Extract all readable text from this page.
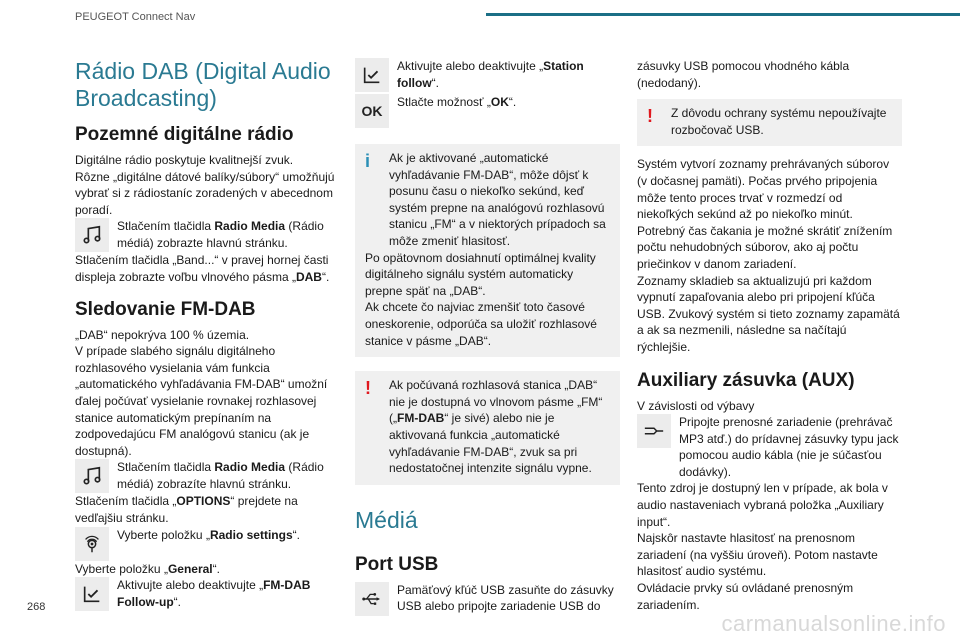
PEUGEOT Connect Nav
Rádio DAB (Digital Audio Broadcasting)
Pozemné digitálne rádio

Digitálne rádio poskytuje kvalitnejší zvuk.

Rôzne „digitálne dátové balíky/súbory“ umožňujú vybrať si z rádiostaníc zoradených v abecednom poradí.

Stlačením tlačidla Radio Media (Rádio médiá) zobrazte hlavnú stránku.

Stlačením tlačidla „Band...“ v pravej hornej časti displeja zobrazte voľbu vlnového pásma „DAB“.

Sledovanie FM-DAB

„DAB“ nepokrýva 100 % územia.

V prípade slabého signálu digitálneho rozhlasového vysielania vám funkcia „automatického vyhľadávania FM-DAB“ umožní ďalej počúvať vysielanie rovnakej rozhlasovej stanice automatickým prepínaním na zodpovedajúcu FM analógovú stanicu (ak je dostupná).

Stlačením tlačidla Radio Media (Rádio médiá) zobrazíte hlavnú stránku.

Stlačením tlačidla „OPTIONS“ prejdete na vedľajšiu stránku.

Vyberte položku „Radio settings“.

Vyberte položku „General“.

Aktivujte alebo deaktivujte „FM-DAB Follow-up“.

Aktivujte alebo deaktivujte „Station follow“.

OK

Stlačte možnosť „OK“.

i	Ak je aktivované „automatické vyhľadávanie FM-DAB“, môže dôjsť k posunu času o niekoľko sekúnd, keď systém prepne na analógovú rozhlasovú stanicu „FM“ a v niektorých prípadoch sa môže zmeniť hlasitosť.

Po opätovnom dosiahnutí optimálnej kvality digitálneho signálu systém automaticky prepne späť na „DAB“.

Ak chcete čo najviac zmenšiť toto časové oneskorenie, odporúča sa uložiť rozhlasové stanice v pásme „DAB“.

!	Ak počúvaná rozhlasová stanica „DAB“ nie je dostupná vo vlnovom pásme „FM“ („FM-DAB“ je sivé) alebo nie je aktivovaná funkcia „automatické vyhľadávanie FM-DAB“, zvuk sa pri nedostatočnej intenzite signálu vypne.

Médiá
Port USB

Pamäťový kľúč USB zasuňte do zásuvky USB alebo pripojte zariadenie USB do

zásuvky USB pomocou vhodného kábla (nedodaný).

!	Z dôvodu ochrany systému nepoužívajte rozbočovač USB.

Systém vytvorí zoznamy prehrávaných súborov (v dočasnej pamäti). Počas prvého pripojenia môže tento proces trvať v rozmedzí od niekoľkých sekúnd až po niekoľko minút.

Potrebný čas čakania je možné skrátiť znížením počtu nehudobných súborov, ako aj počtu priečinkov v danom zariadení.

Zoznamy skladieb sa aktualizujú pri každom vypnutí zapaľovania alebo pri pripojení kľúča USB. Zvukový systém si tieto zoznamy zapamätá a ak sa nezmenili, následne sa načítajú rýchlejšie.

Auxiliary zásuvka (AUX)

V závislosti od výbavy

Pripojte prenosné zariadenie (prehrávač MP3 atď.) do prídavnej zásuvky typu jack pomocou audio kábla (nie je súčasťou dodávky).

Tento zdroj je dostupný len v prípade, ak bola v audio nastaveniach vybraná položka „Auxiliary input“.

Najskôr nastavte hlasitosť na prenosnom zariadení (na vyššiu úroveň). Potom nastavte hlasitosť audio systému.

Ovládacie prvky sú ovládané prenosným zariadením.

268
carmanualsonline.info
